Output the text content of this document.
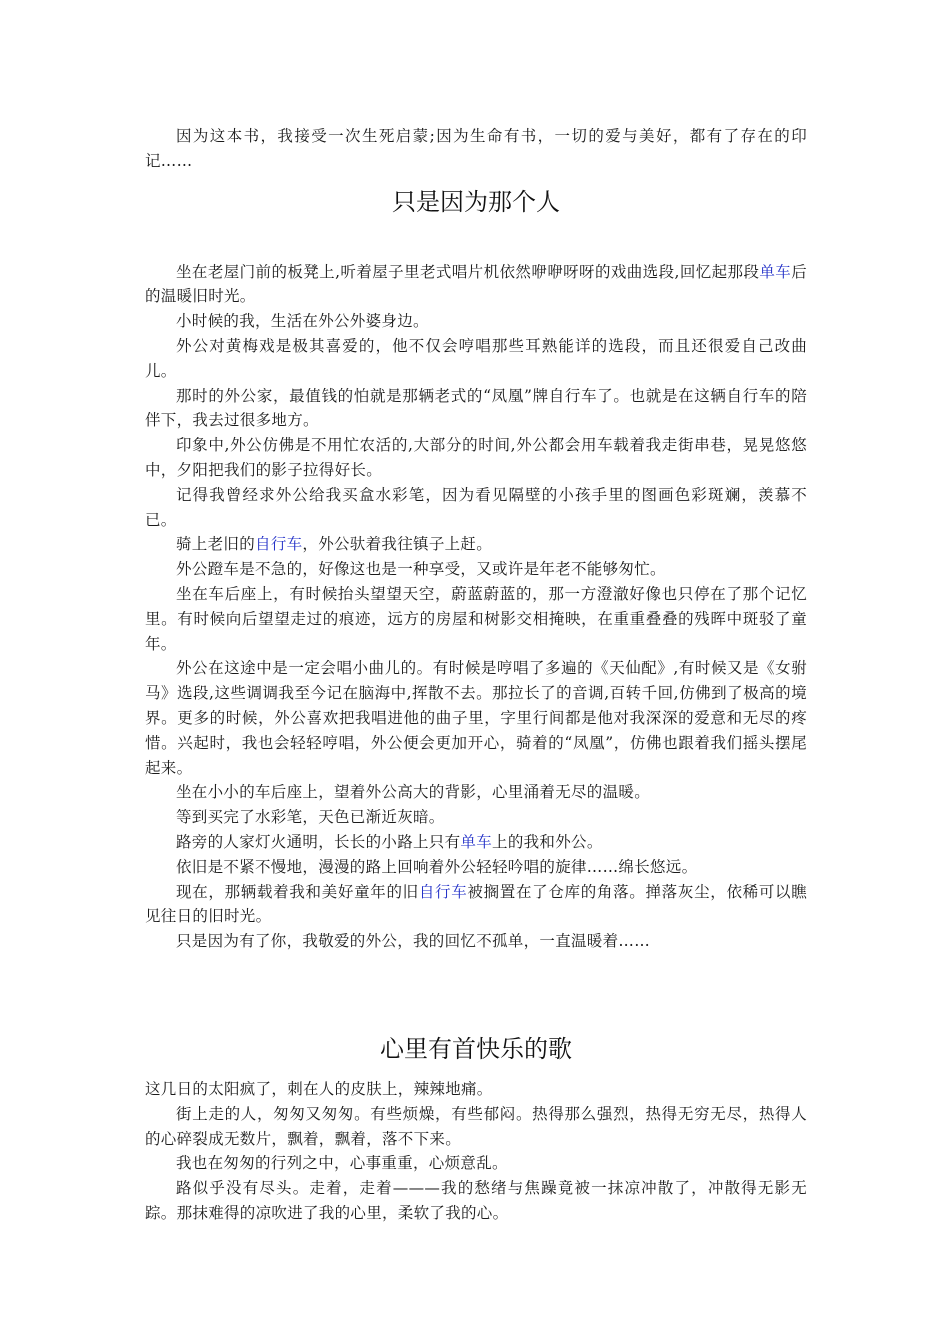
因为这本书，我接受一次生死启蒙;因为生命有书，一切的爱与美好，都有了存在的印记……

只是因为那个人

坐在老屋门前的板凳上,听着屋子里老式唱片机依然咿咿呀呀的戏曲选段,回忆起那段单车后的温暖旧时光。

小时候的我，生活在外公外婆身边。

外公对黄梅戏是极其喜爱的，他不仅会哼唱那些耳熟能详的选段，而且还很爱自己改曲儿。

那时的外公家，最值钱的怕就是那辆老式的“凤凰”牌自行车了。也就是在这辆自行车的陪伴下，我去过很多地方。

印象中,外公仿佛是不用忙农活的,大部分的时间,外公都会用车载着我走街串巷，晃晃悠悠中，夕阳把我们的影子拉得好长。

记得我曾经求外公给我买盒水彩笔，因为看见隔壁的小孩手里的图画色彩斑斓，羡慕不已。

骑上老旧的自行车，外公驮着我往镇子上赶。

外公蹬车是不急的，好像这也是一种享受，又或许是年老不能够匆忙。

坐在车后座上，有时候抬头望望天空，蔚蓝蔚蓝的，那一方澄澈好像也只停在了那个记忆里。有时候向后望望走过的痕迹，远方的房屋和树影交相掩映，在重重叠叠的残晖中斑驳了童年。

外公在这途中是一定会唱小曲儿的。有时候是哼唱了多遍的《天仙配》,有时候又是《女驸马》选段,这些调调我至今记在脑海中,挥散不去。那拉长了的音调,百转千回,仿佛到了极高的境界。更多的时候，外公喜欢把我唱进他的曲子里，字里行间都是他对我深深的爱意和无尽的疼惜。兴起时，我也会轻轻哼唱，外公便会更加开心，骑着的“凤凰”，仿佛也跟着我们摇头摆尾起来。

坐在小小的车后座上，望着外公高大的背影，心里涌着无尽的温暖。

等到买完了水彩笔，天色已渐近灰暗。

路旁的人家灯火通明，长长的小路上只有单车上的我和外公。

依旧是不紧不慢地，漫漫的路上回响着外公轻轻吟唱的旋律……绵长悠远。

现在，那辆载着我和美好童年的旧自行车被搁置在了仓库的角落。掸落灰尘，依稀可以瞧见往日的旧时光。

只是因为有了你，我敬爱的外公，我的回忆不孤单，一直温暖着……

心里有首快乐的歌

这几日的太阳疯了，刺在人的皮肤上，辣辣地痛。

街上走的人，匆匆又匆匆。有些烦燥，有些郁闷。热得那么强烈，热得无穷无尽，热得人的心碎裂成无数片，飘着，飘着，落不下来。

我也在匆匆的行列之中，心事重重，心烦意乱。

路似乎没有尽头。走着，走着———我的愁绪与焦躁竟被一抹凉冲散了，冲散得无影无踪。那抹难得的凉吹进了我的心里，柔软了我的心。
